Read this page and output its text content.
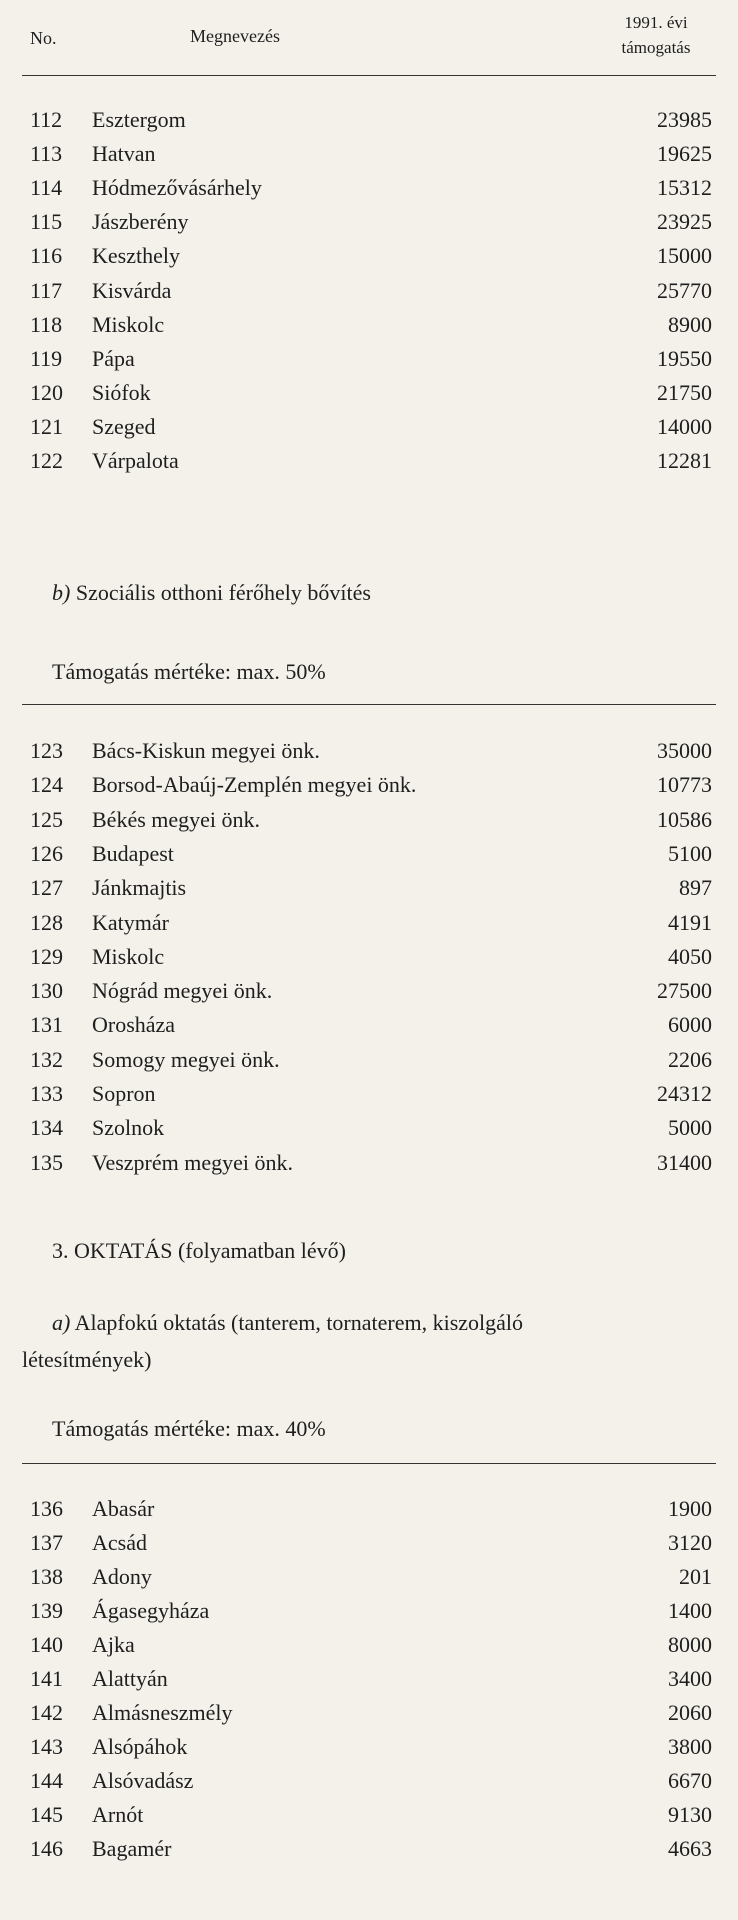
No.	Megnevezés
1991. évi
támogatás
112	Esztergom	23985
113	Hatvan	19625
114	Hódmezővásárhely	15312
115	Jászberény	23925
116	Keszthely	15000
117	Kisvárda	25770
118	Miskolc	8900
119	Pápa	19550
120	Siófok	21750
121	Szeged	14000
122	Várpalota	12281
b) Szociális otthoni férőhely bővítés
Támogatás mértéke: max. 50%
123	Bács-Kiskun megyei önk.	35000
124	Borsod-Abaúj-Zemplén megyei önk.	10773
125	Békés megyei önk.	10586
126	Budapest	5100
127	Jánkmajtis	897
128	Katymár	4191
129	Miskolc	4050
130	Nógrád megyei önk.	27500
131	Orosháza	6000
132	Somogy megyei önk.	2206
133	Sopron	24312
134	Szolnok	5000
135	Veszprém megyei önk.	31400
3. OKTATÁS (folyamatban lévő)
a) Alapfokú oktatás (tanterem, tornaterem, kiszolgáló
létesítmények)
Támogatás mértéke: max. 40%
136	Abasár	1900
137	Acsád	3120
138	Adony	201
139	Ágasegyháza	1400
140	Ajka	8000
141	Alattyán	3400
142	Almásneszmély	2060
143	Alsópáhok	3800
144	Alsóvadász	6670
145	Arnót	9130
146	Bagamér	4663
